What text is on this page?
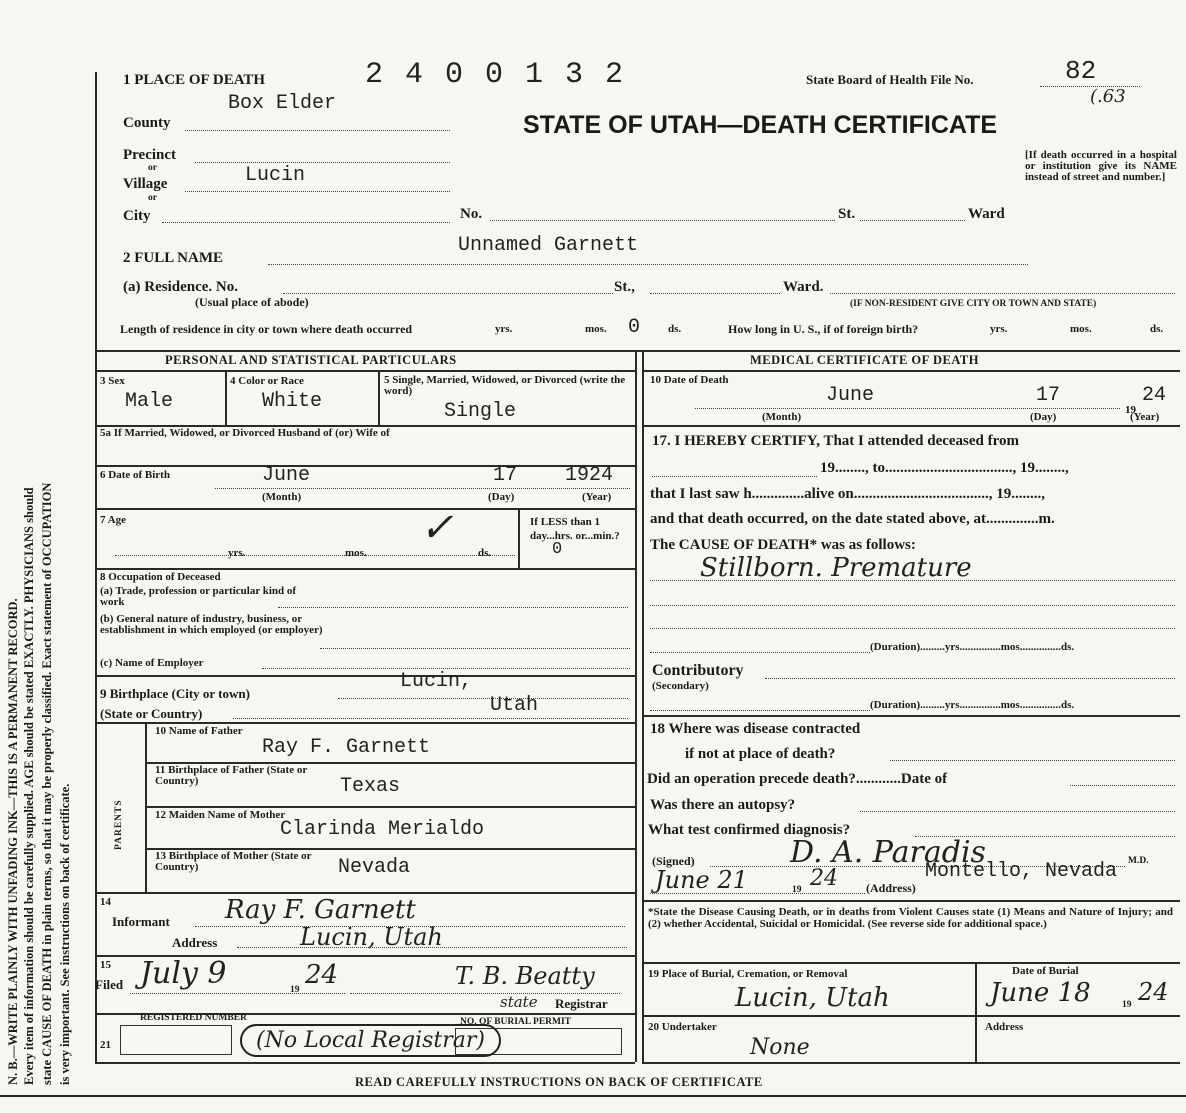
N. B.—WRITE PLAINLY WITH UNFADING INK—THIS IS A PERMANENT RECORD. Every item of information should be carefully supplied. AGE should be stated EXACTLY. PHYSICIANS should state CAUSE OF DEATH in plain terms, so that it may be properly classified. Exact statement of OCCUPATION is very important. See instructions on back of certificate.
1 PLACE OF DEATH	2 4 0 0 1 3 2	State Board of Health File No.	82
(.63
STATE OF UTAH—DEATH CERTIFICATE
[If death occurred in a hospital or institution give its NAME instead of street and number.]
Box Elder
County
Precinct
or
Village	Lucin
or
City	No.	St.	Ward
Unnamed Garnett
2 FULL NAME
(a) Residence. No.	St.,	Ward.
(Usual place of abode)	(IF NON-RESIDENT GIVE CITY OR TOWN AND STATE)
Length of residence in city or town where death occurred	yrs.	mos. 0	ds.	How long in U. S., if of foreign birth?	yrs.	mos.	ds.
PERSONAL AND STATISTICAL PARTICULARS
3 Sex
Male
4 Color or Race
White
5 Single, Married, Widowed, or Divorced (write the word)
Single
5a If Married, Widowed, or Divorced Husband of (or) Wife of
6 Date of Birth	June	17 1924
(Month)	(Day)	(Year)
7 Age	✓
yrs.	mos.	ds.
If LESS than 1 day...hrs. or...min.?
0
8 Occupation of Deceased
(a) Trade, profession or particular kind of work
(b) General nature of industry, business, or establishment in which employed (or employer)
(c) Name of Employer
9 Birthplace (City or town)
Lucin,
(State or Country)	Utah
PARENTS
10 Name of Father
Ray F. Garnett
11 Birthplace of Father (State or Country)	Texas
12 Maiden Name of Mother
Clarinda Merialdo
13 Birthplace of Mother (State or Country)	Nevada
14
Informant Ray F. Garnett
Address	Lucin, Utah
15
Filed July 9	19 24	T. B. Beatty
state Registrar
REGISTERED NUMBER	NO. OF BURIAL PERMIT
21	(No Local Registrar)
MEDICAL CERTIFICATE OF DEATH
10 Date of Death
June	17
19
24
(Month)	(Day)	(Year)
17. I HEREBY CERTIFY, That I attended deceased from
19........, to.................................., 19........,
that I last saw h..............alive on...................................., 19........,
and that death occurred, on the date stated above, at..............m.
The CAUSE OF DEATH* was as follows:
Stillborn. Premature
(Duration).........yrs...............mos...............ds.
Contributory
(Secondary)
(Duration).........yrs...............mos...............ds.
18 Where was disease contracted
if not at place of death?
Did an operation precede death?............Date of
Was there an autopsy?
What test confirmed diagnosis?
(Signed)	D. A. Paradis	M.D.
June 21	19 24 (Address)
Montello, Nevada
*State the Disease Causing Death, or in deaths from Violent Causes state (1) Means and Nature of Injury; and (2) whether Accidental, Suicidal or Homicidal. (See reverse side for additional space.)
19 Place of Burial, Cremation, or Removal
Lucin, Utah
Date of Burial
June 18	19 24
20 Undertaker
None
Address
READ CAREFULLY INSTRUCTIONS ON BACK OF CERTIFICATE
